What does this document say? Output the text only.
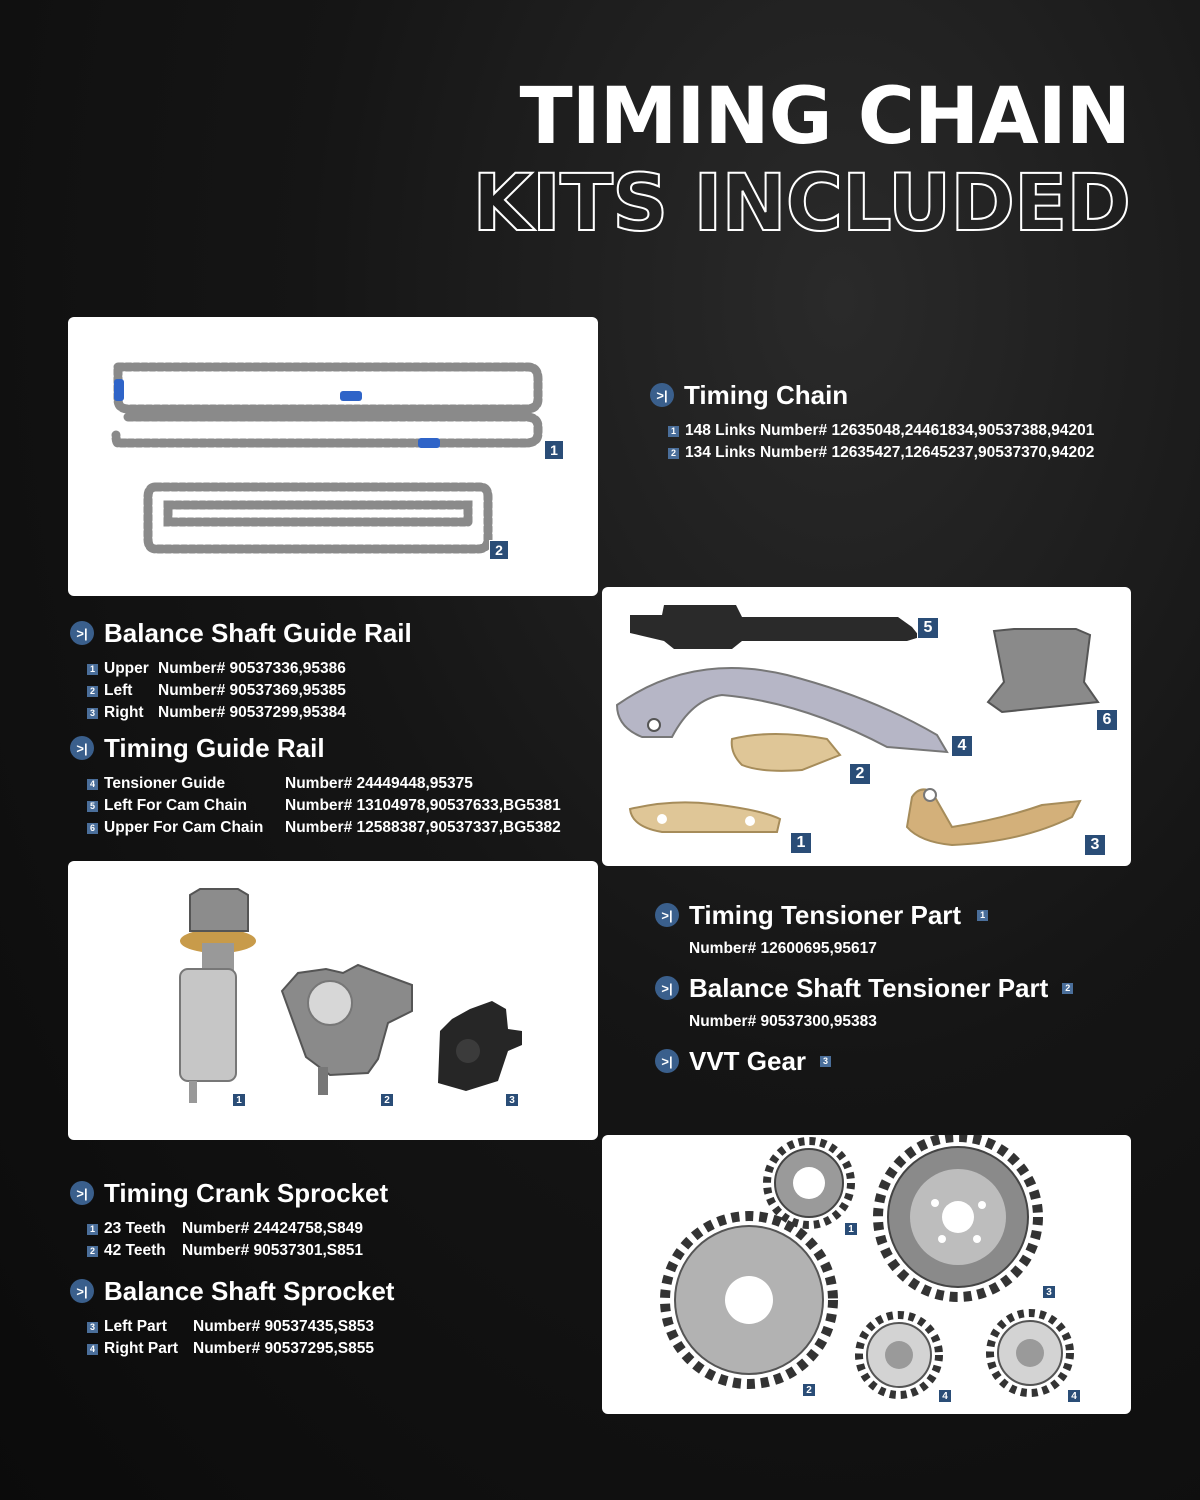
TIMING CHAIN
KITS INCLUDED
1
2
>| Timing Chain
1 148 Links Number# 12635048,24461834,90537388,94201
2 134 Links Number# 12635427,12645237,90537370,94202
5
6
4
2
1	3
>| Balance Shaft Guide Rail
1 Upper Number# 90537336,95386
2 Left	Number# 90537369,95385
3 Right Number# 90537299,95384
>| Timing Guide Rail
4 Tensioner Guide	Number# 24449448,95375
5 Left For Cam Chain	Number# 13104978,90537633,BG5381
6 Upper For Cam Chain	Number# 12588387,90537337,BG5382
1	2	3
>| Timing Tensioner Part	1
Number# 12600695,95617
>| Balance Shaft Tensioner Part	2
Number# 90537300,95383
>| VVT Gear	3
1
3
2
4	4
>| Timing Crank Sprocket
1 23 Teeth	Number# 24424758,S849
2 42 Teeth	Number# 90537301,S851
>| Balance Shaft Sprocket
3 Left Part	Number# 90537435,S853
4 Right Part Number# 90537295,S855
